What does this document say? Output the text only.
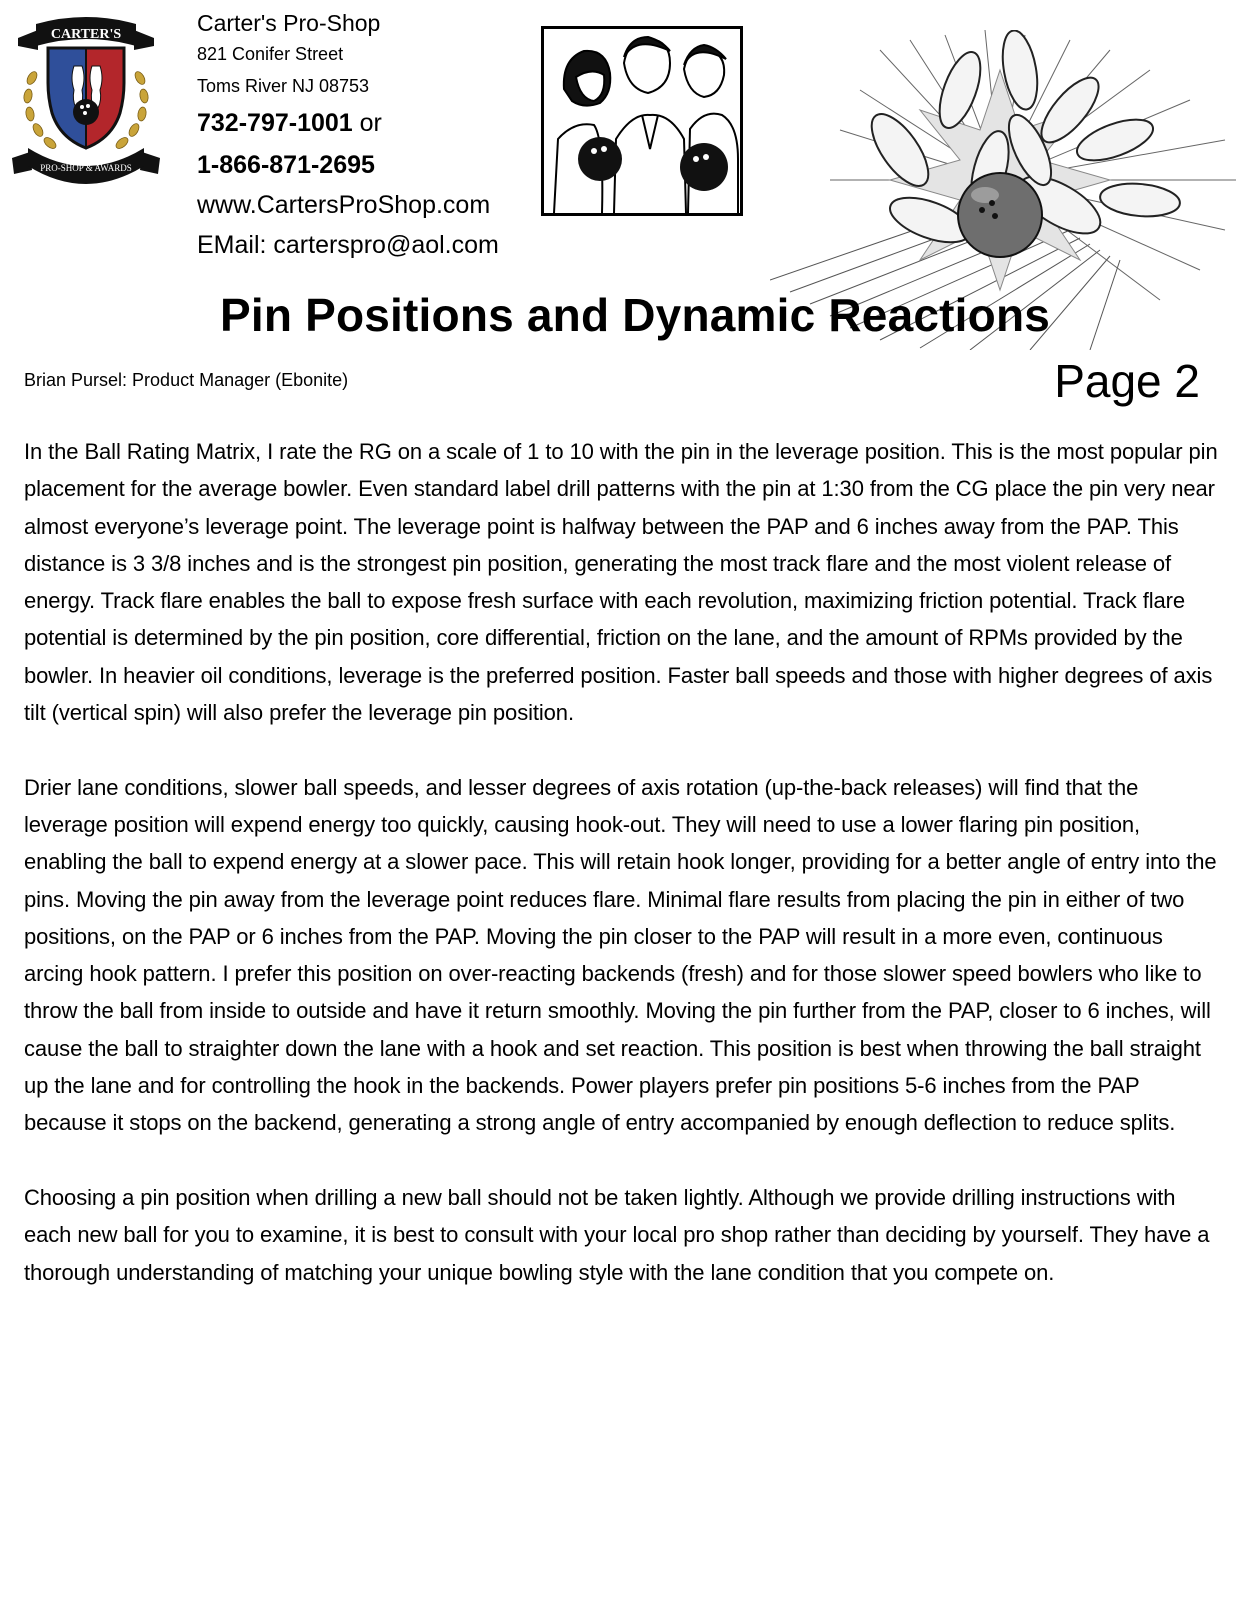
CARTER'S
PRO-SHOP & AWARDS
Carter's Pro-Shop
821 Conifer Street
Toms River NJ 08753
732-797-1001 or
1-866-871-2695
www.CartersProShop.com
EMail: carterspro@aol.com
Pin Positions and Dynamic Reactions
Brian Pursel: Product Manager (Ebonite)	Page 2

In the Ball Rating Matrix, I rate the RG on a scale of 1 to 10 with the pin in the leverage position. This is the most popular pin placement for the average bowler. Even standard label drill patterns with the pin at 1:30 from the CG place the pin very near almost everyone’s leverage point. The leverage point is halfway between the PAP and 6 inches away from the PAP. This distance is 3 3/8 inches and is the strongest pin position, generating the most track flare and the most violent release of energy. Track flare enables the ball to expose fresh surface with each revolution, maximizing friction potential. Track flare potential is determined by the pin position, core differential, friction on the lane, and the amount of RPMs provided by the bowler. In heavier oil conditions, leverage is the preferred position. Faster ball speeds and those with higher degrees of axis tilt (vertical spin) will also prefer the leverage pin position.

Drier lane conditions, slower ball speeds, and lesser degrees of axis rotation (up-the-back releases) will find that the leverage position will expend energy too quickly, causing hook-out. They will need to use a lower flaring pin position, enabling the ball to expend energy at a slower pace. This will retain hook longer, providing for a better angle of entry into the pins. Moving the pin away from the leverage point reduces flare. Minimal flare results from placing the pin in either of two positions, on the PAP or 6 inches from the PAP. Moving the pin closer to the PAP will result in a more even, continuous arcing hook pattern. I prefer this position on over-reacting backends (fresh) and for those slower speed bowlers who like to throw the ball from inside to outside and have it return smoothly. Moving the pin further from the PAP, closer to 6 inches, will cause the ball to straighter down the lane with a hook and set reaction. This position is best when throwing the ball straight up the lane and for controlling the hook in the backends. Power players prefer pin positions 5-6 inches from the PAP because it stops on the backend, generating a strong angle of entry accompanied by enough deflection to reduce splits.

Choosing a pin position when drilling a new ball should not be taken lightly. Although we provide drilling instructions with each new ball for you to examine, it is best to consult with your local pro shop rather than deciding by yourself. They have a thorough understanding of matching your unique bowling style with the lane condition that you compete on.
